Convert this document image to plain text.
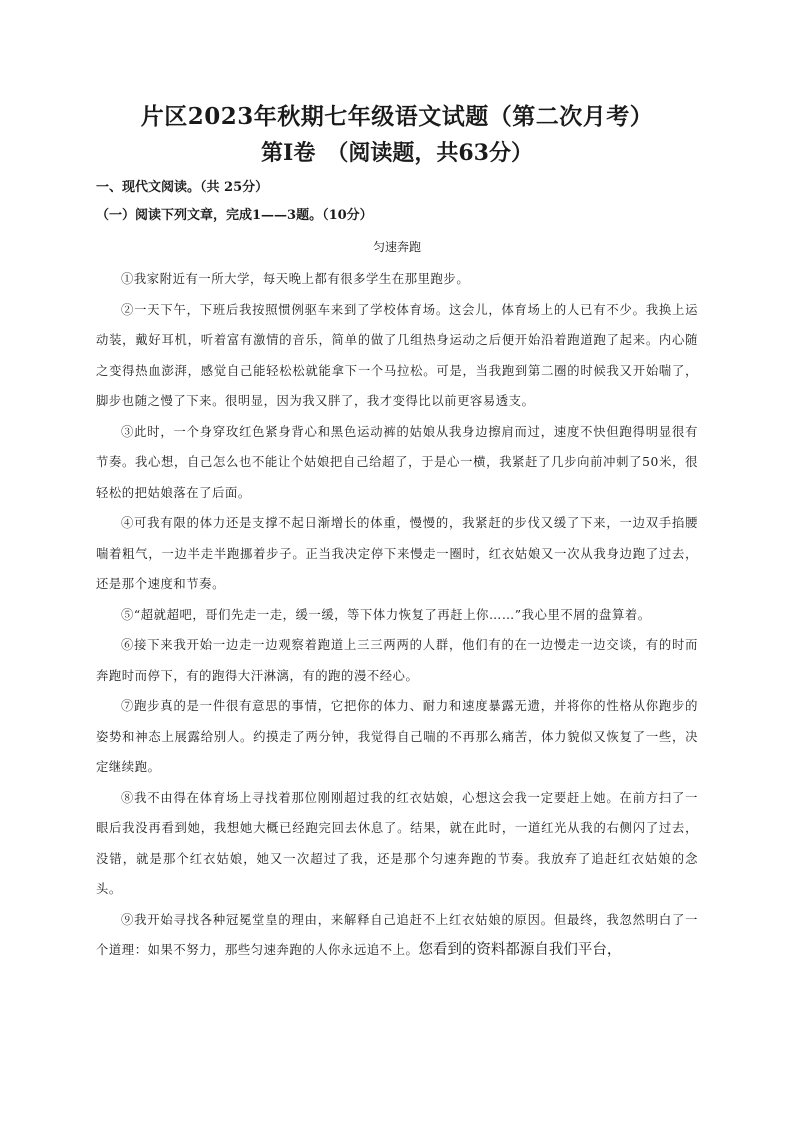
片区2023年秋期七年级语文试题（第二次月考）
第Ⅰ卷　（阅读题，共63分）

一、现代文阅读。（共 25分）

（一）阅读下列文章，完成1——3题。（10分）

匀速奔跑

①我家附近有一所大学，每天晚上都有很多学生在那里跑步。

②一天下午，下班后我按照惯例驱车来到了学校体育场。这会儿，体育场上的人已有不少。我换上运动装，戴好耳机，听着富有激情的音乐，简单的做了几组热身运动之后便开始沿着跑道跑了起来。内心随之变得热血澎湃，感觉自己能轻松松就能拿下一个马拉松。可是，当我跑到第二圈的时候我又开始喘了，脚步也随之慢了下来。很明显，因为我又胖了，我才变得比以前更容易透支。

③此时，一个身穿玫红色紧身背心和黑色运动裤的姑娘从我身边擦肩而过，速度不快但跑得明显很有节奏。我心想，自己怎么也不能让个姑娘把自己给超了，于是心一横，我紧赶了几步向前冲刺了50米，很轻松的把姑娘落在了后面。

④可我有限的体力还是支撑不起日渐增长的体重，慢慢的，我紧赶的步伐又缓了下来，一边双手掐腰喘着粗气，一边半走半跑挪着步子。正当我决定停下来慢走一圈时，红衣姑娘又一次从我身边跑了过去，还是那个速度和节奏。

⑤“超就超吧，哥们先走一走，缓一缓，等下体力恢复了再赶上你……”我心里不屑的盘算着。

⑥接下来我开始一边走一边观察着跑道上三三两两的人群，他们有的在一边慢走一边交谈，有的时而奔跑时而停下，有的跑得大汗淋漓，有的跑的漫不经心。

⑦跑步真的是一件很有意思的事情，它把你的体力、耐力和速度暴露无遗，并将你的性格从你跑步的姿势和神态上展露给别人。约摸走了两分钟，我觉得自己喘的不再那么痛苦，体力貌似又恢复了一些，决定继续跑。

⑧我不由得在体育场上寻找着那位刚刚超过我的红衣姑娘，心想这会我一定要赶上她。在前方扫了一眼后我没再看到她，我想她大概已经跑完回去休息了。结果，就在此时，一道红光从我的右侧闪了过去，没错，就是那个红衣姑娘，她又一次超过了我，还是那个匀速奔跑的节奏。我放弃了追赶红衣姑娘的念头。

⑨我开始寻找各种冠冕堂皇的理由，来解释自己追赶不上红衣姑娘的原因。但最终，我忽然明白了一个道理：如果不努力，那些匀速奔跑的人你永远追不上。您看到的资料都源自我们平台，
